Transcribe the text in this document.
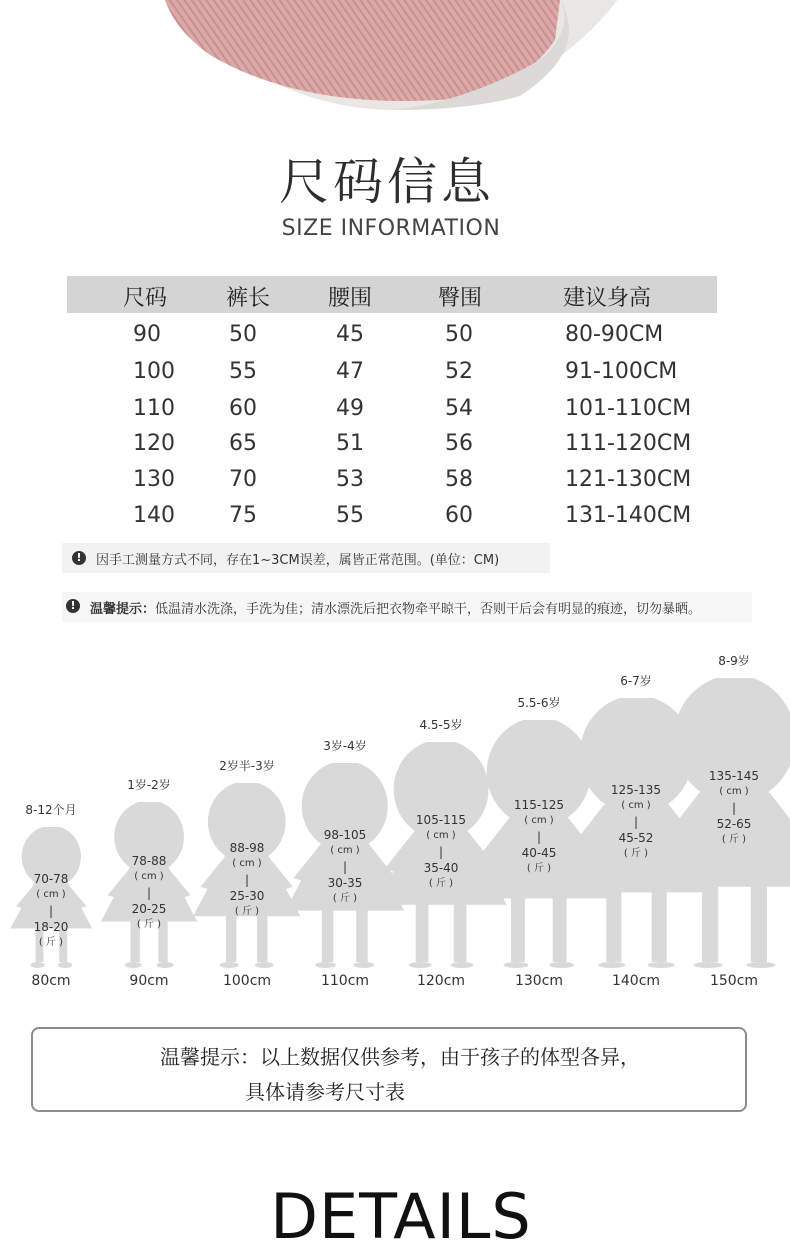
尺码信息
SIZE INFORMATION
尺码	裤长	腰围	臀围	建议身高
90	50	45	50	80-90CM
100 55	47	52	91-100CM
110 60	49	54	101-110CM
120 65	51	56	111-120CM
130 70	53	58	121-130CM
140 75	55	60	131-140CM
!	因手工测量方式不同，存在1~3CM误差，属皆正常范围。(单位：CM)
!	温馨提示：低温清水洗涤，手洗为佳；清水漂洗后把衣物牵平晾干，否则干后会有明显的痕迹，切勿暴晒。
8-12个月
70-78
( cm )
|
18-20
( 斤 )
80cm
1岁-2岁
78-88
( cm )
|
20-25
( 斤 )
90cm
2岁半-3岁
88-98
( cm )
|
25-30
( 斤 )
100cm
3岁-4岁
98-105
( cm )
|
30-35
( 斤 )
110cm
4.5-5岁
105-115
( cm )
|
35-40
( 斤 )
120cm
5.5-6岁
115-125
( cm )
|
40-45
( 斤 )
130cm
6-7岁
125-135
( cm )
|
45-52
( 斤 )
140cm
8-9岁
135-145
( cm )
|
52-65
( 斤 )
150cm
温馨提示：以上数据仅供参考，由于孩子的体型各异，
具体请参考尺寸表
DETAILS
